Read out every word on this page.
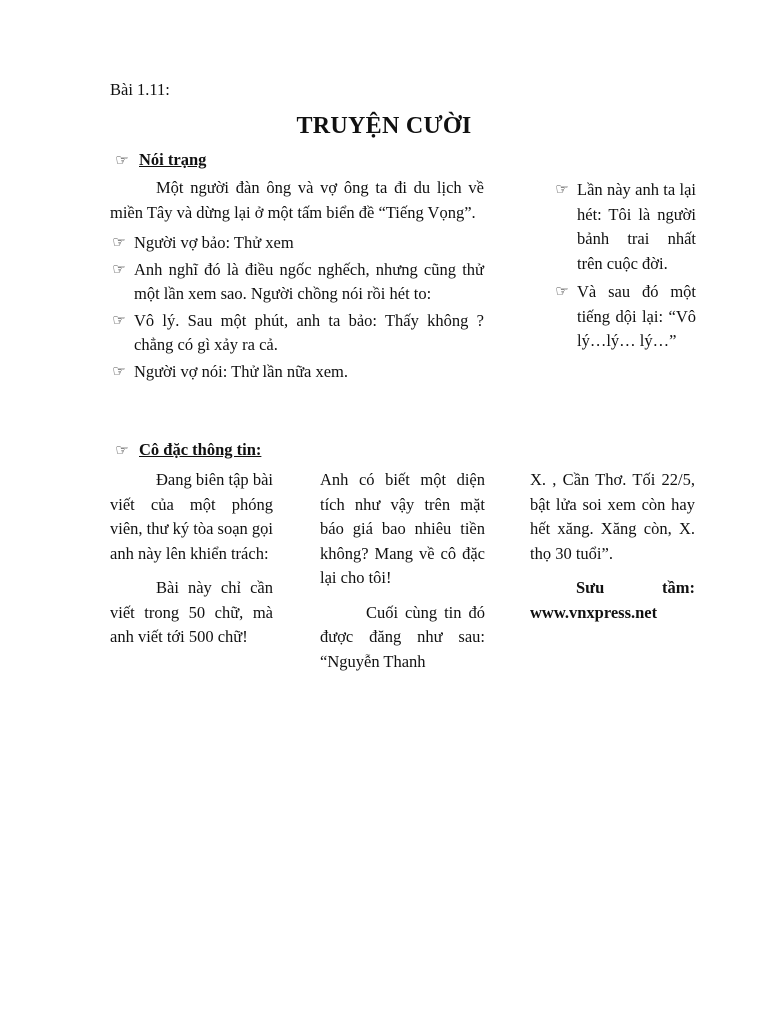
Bài 1.11:
TRUYỆN CƯỜI
☞ Nói trạng

Một người đàn ông và vợ ông ta đi du lịch về miền Tây và dừng lại ở một tấm biển đề “Tiếng Vọng”.

☞ Người vợ bảo: Thử xem
☞ Anh nghĩ đó là điều ngốc nghếch, nhưng cũng thử một lần xem sao. Người chồng nói rồi hét to:
☞ Vô lý. Sau một phút, anh ta bảo: Thấy không ? chẳng có gì xảy ra cả.
☞ Người vợ nói: Thử lần nữa xem.
☞ Lần này anh ta lại hét: Tôi là người bảnh trai nhất trên cuộc đời.
☞ Và sau đó một tiếng dội lại: “Vô lý…lý… lý…”
☞ Cô đặc thông tin:

Đang biên tập bài viết của một phóng viên, thư ký tòa soạn gọi anh này lên khiển trách:

Bài này chỉ cần viết trong 50 chữ, mà anh viết tới 500 chữ!

Anh có biết một diện tích như vậy trên mặt báo giá bao nhiêu tiền không? Mang về cô đặc lại cho tôi!

Cuối cùng tin đó được đăng như sau: “Nguyễn Thanh

X. , Cần Thơ. Tối 22/5, bật lửa soi xem còn hay hết xăng. Xăng còn, X. thọ 30 tuổi”.

Sưu tầm:

www.vnxpress.net
